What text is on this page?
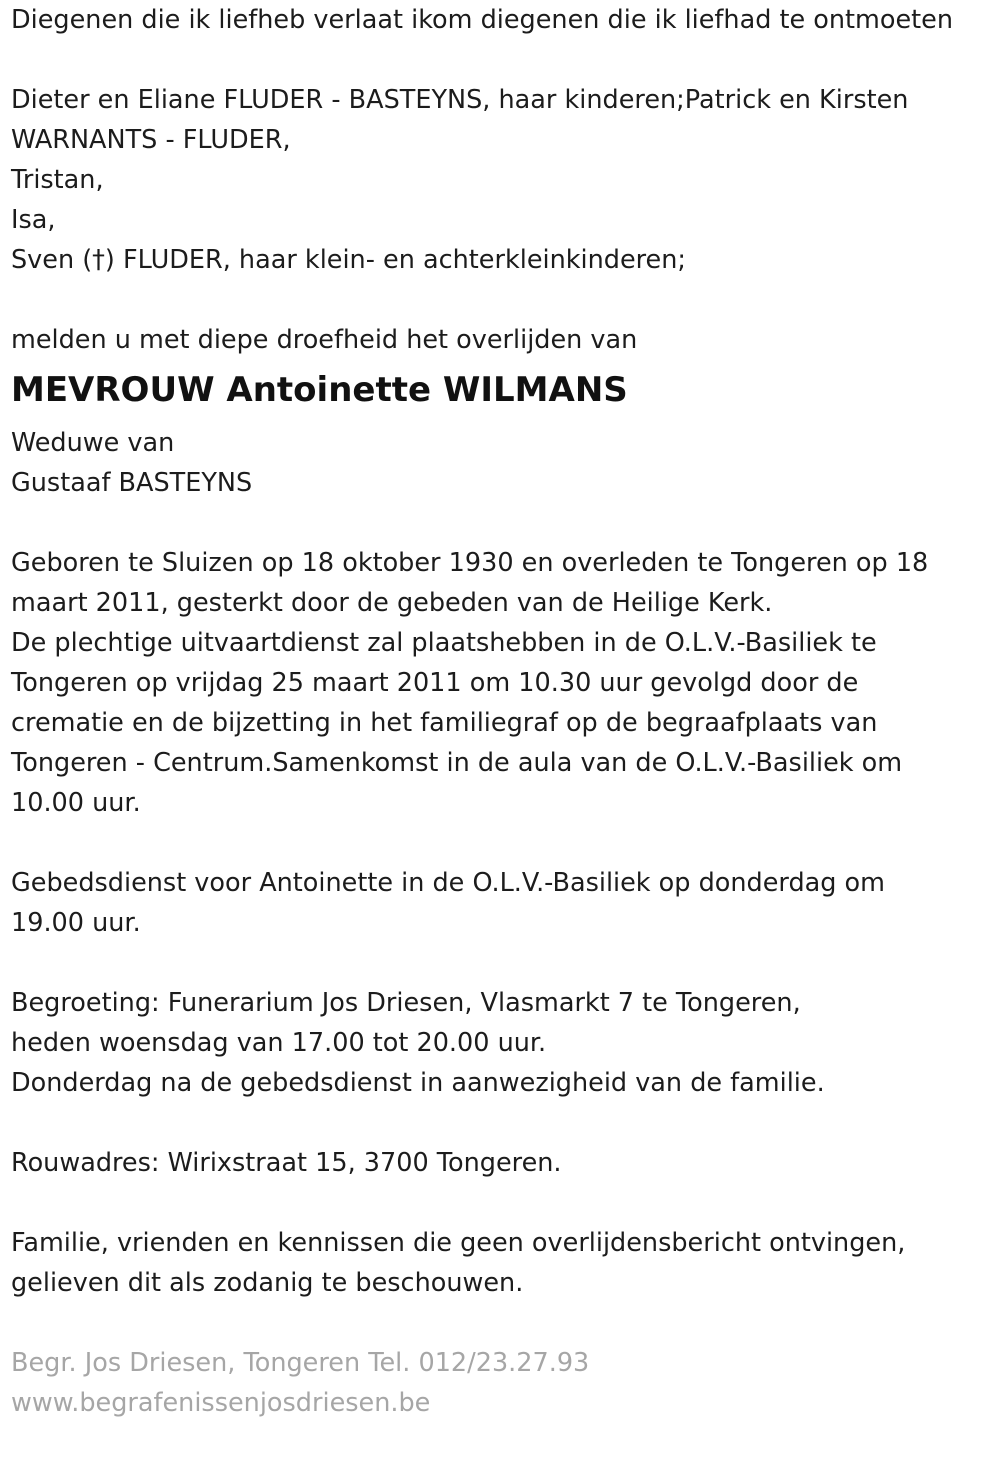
Diegenen die ik liefheb verlaat ikom diegenen die ik liefhad te ontmoeten
Dieter en Eliane FLUDER - BASTEYNS, haar kinderen;Patrick en Kirsten
WARNANTS - FLUDER,
Tristan,
Isa,
Sven (†) FLUDER, haar klein- en achterkleinkinderen;
melden u met diepe droefheid het overlijden van
MEVROUW Antoinette WILMANS
Weduwe van
Gustaaf BASTEYNS
Geboren te Sluizen op 18 oktober 1930 en overleden te Tongeren op 18
maart 2011, gesterkt door de gebeden van de Heilige Kerk.
De plechtige uitvaartdienst zal plaatshebben in de O.L.V.-Basiliek te
Tongeren op vrijdag 25 maart 2011 om 10.30 uur gevolgd door de
crematie en de bijzetting in het familiegraf op de begraafplaats van
Tongeren - Centrum.Samenkomst in de aula van de O.L.V.-Basiliek om
10.00 uur.
Gebedsdienst voor Antoinette in de O.L.V.-Basiliek op donderdag om
19.00 uur.
Begroeting: Funerarium Jos Driesen, Vlasmarkt 7 te Tongeren,
heden woensdag van 17.00 tot 20.00 uur.
Donderdag na de gebedsdienst in aanwezigheid van de familie.
Rouwadres: Wirixstraat 15, 3700 Tongeren.
Familie, vrienden en kennissen die geen overlijdensbericht ontvingen,
gelieven dit als zodanig te beschouwen.
Begr. Jos Driesen, Tongeren Tel. 012/23.27.93
www.begrafenissenjosdriesen.be
